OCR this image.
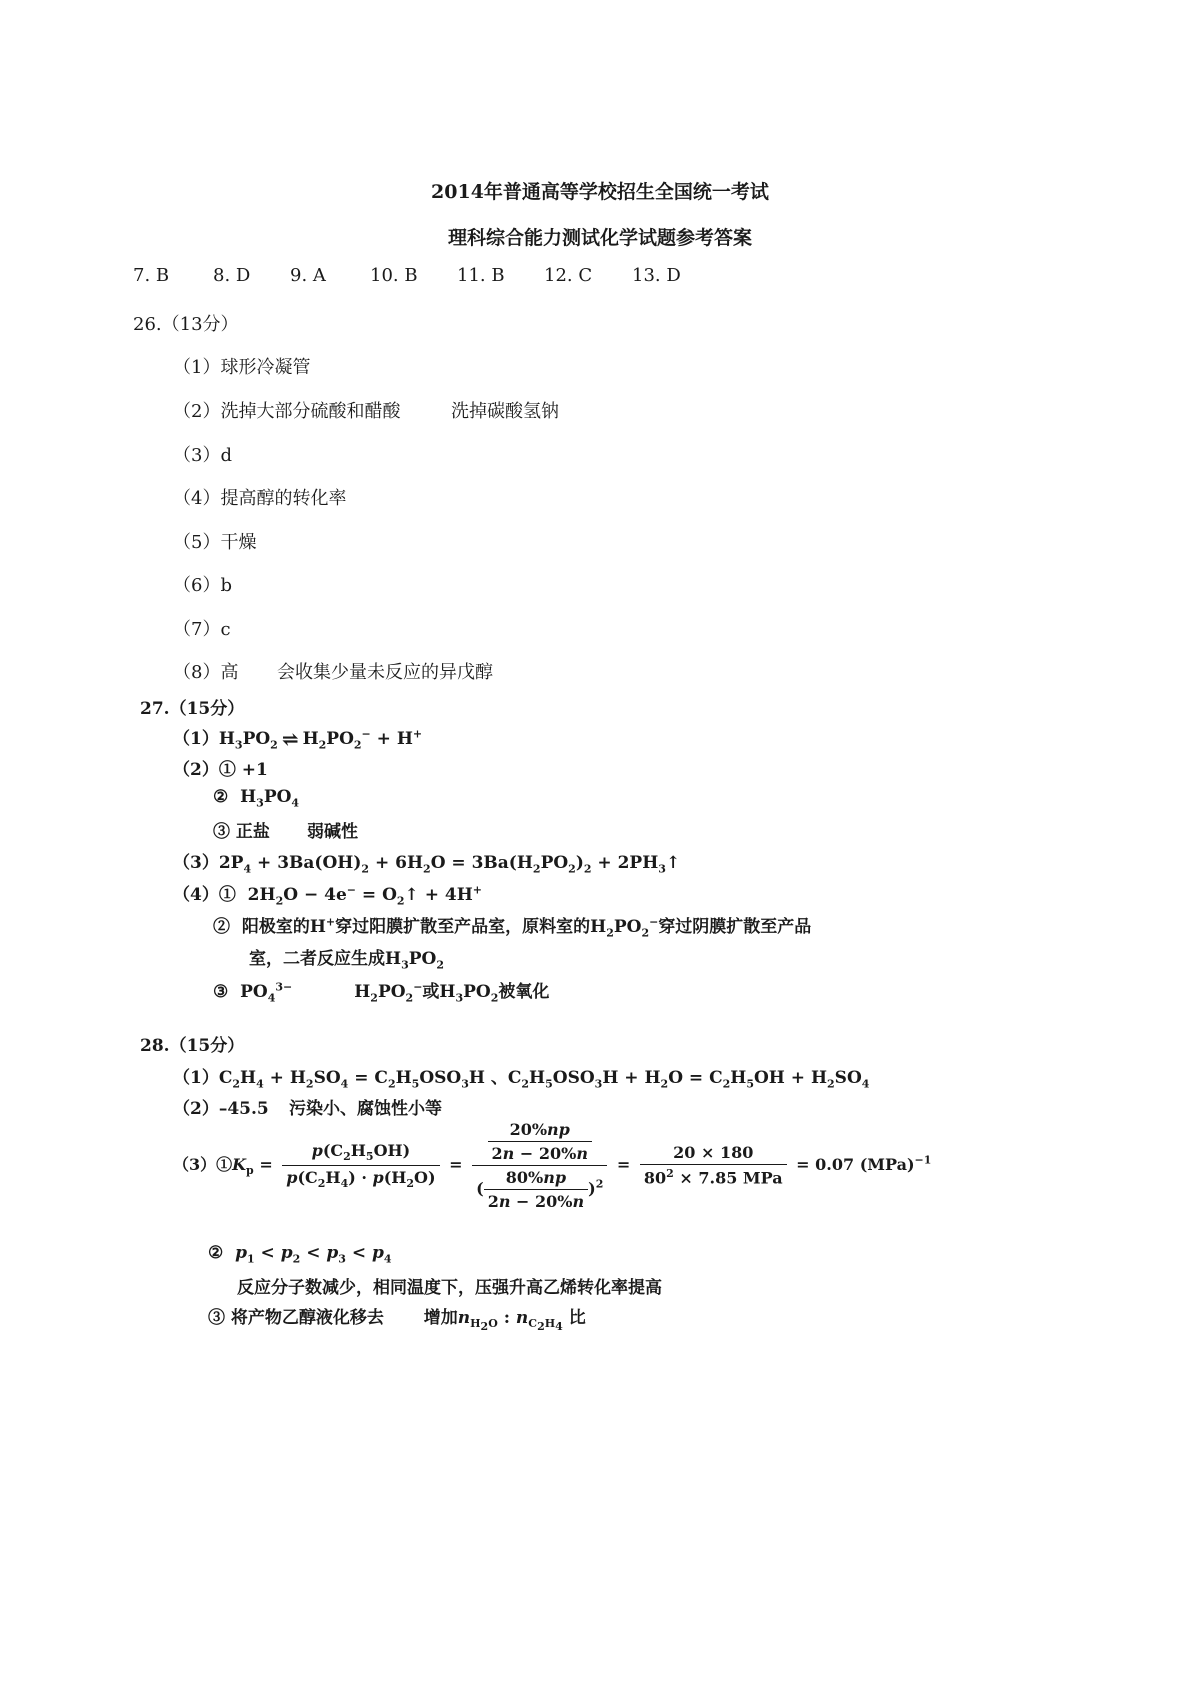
2014年普通高等学校招生全国统一考试
理科综合能力测试化学试题参考答案
7. B 8. D 9. A 10. B 11. B 12. C 13. D
26.（13分）
（1）球形冷凝管
（2）洗掉大部分硫酸和醋酸	洗掉碳酸氢钠
（3）d
（4）提高醇的转化率
（5）干燥
（6）b
（7）c
（8）高 会收集少量未反应的异戊醇
27.（15分）
$(1)H_3PO_2$ ⇌ $H_2PO_2^- + H^+$
（2）① +1
②  $H_3PO_4$
③ 正盐 弱碱性
$(3)2P_4 + 3Ba(OH)_2 + 6H_2O = 3Ba(H_2PO_2)_2$ + $2PH_3↑$
（4）①  $2H_2O - 4e^-$ = $O_2↑ + 4H^+$
② 阳极室的H+穿过阳膜扩散至产品室，原料室的$H_2PO_2^-$穿过阴膜扩散至产品
室，二者反应生成$H_3PO_2$
③  $PO_4^{3-}$	$H_2PO_2^-$或$H_3PO_2$被氧化
28.（15分）
$(1)C_2H_4 + H_2SO_4 = C_2H_5OSO_3H$ 、$C_2H_5OSO_3H + H_2O = C_2H_5OH + H_2SO_4$
（2）–45.5 污染小、腐蚀性小等
$(3)①K_p = \frac{p(C_2H_5OH)}{p(C_2H_4) \cdot p(H_2O)} = \frac{\frac{20\%np}{2n - 20\%n}}{( \frac{80\%np}{2n - 20\%n} )^2} = \frac{20 \times 180}{80^2 \times 7.85 MPa} = 0.07$ (MPa)$^{-1}$
② $p_1 < p_2 < p_3 < p_4$
反应分子数减少，相同温度下，压强升高乙烯转化率提高
③ 将产物乙醇液化移去 增加$n_{H_2O}$ : $n_{C_2H_4}$ 比
